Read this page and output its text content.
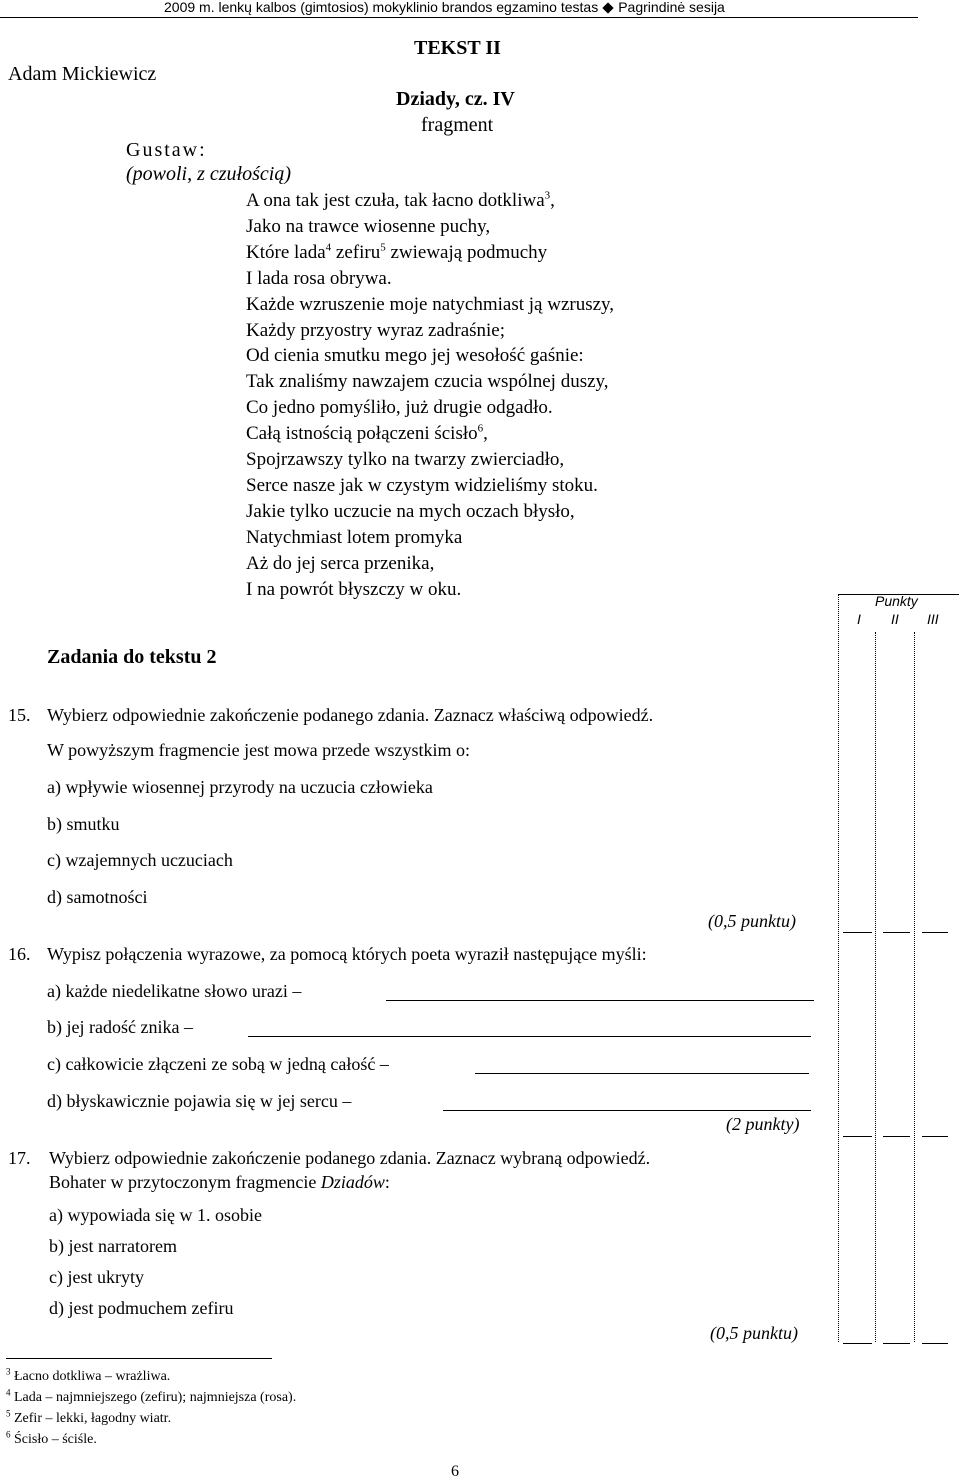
2009 m. lenkų kalbos (gimtosios) mokyklinio brandos egzamino testas Pagrindinė sesija
TEKST II
Adam Mickiewicz
Dziady, cz. IV
fragment
Gustaw:
(powoli, z czułością)
A ona tak jest czuła, tak łacno dotkliwa$^3$,
Jako na trawce wiosenne puchy,
Które lada$^4$ zefiru$^5$ zwiewają podmuchy
I lada rosa obrywa.
Każde wzruszenie moje natychmiast ją wzruszy,
Każdy przyostry wyraz zadraśnie;
Od cienia smutku mego jej wesołość gaśnie:
Tak znaliśmy nawzajem czucia wspólnej duszy,
Co jedno pomyśliło, już drugie odgadło.
Całą istnością połączeni ścisło$^6$,
Spojrzawszy tylko na twarzy zwierciadło,
Serce nasze jak w czystym widzieliśmy stoku.
Jakie tylko uczucie na mych oczach błysło,
Natychmiast lotem promyka
Aż do jej serca przenika,
I na powrót błyszczy w oku.
Zadania do tekstu 2
Punkty
I II III
15. Wybierz odpowiednie zakończenie podanego zdania. Zaznacz właściwą odpowiedź.
W powyższym fragmencie jest mowa przede wszystkim o:
a) wpływie wiosennej przyrody na uczucia człowieka
b) smutku
c) wzajemnych uczuciach
d) samotności
(0,5 punktu)
16. Wypisz połączenia wyrazowe, za pomocą których poeta wyraził następujące myśli:
a) każde niedelikatne słowo urazi –
b) jej radość znika –
c) całkowicie złączeni ze sobą w jedną całość –
d) błyskawicznie pojawia się w jej sercu –
(2 punkty)
17. Wybierz odpowiednie zakończenie podanego zdania. Zaznacz wybraną odpowiedź.
Bohater w przytoczonym fragmencie Dziadów:
a) wypowiada się w 1. osobie
b) jest narratorem
c) jest ukryty
d) jest podmuchem zefiru
(0,5 punktu)
$^3$ Łacno dotkliwa – wrażliwa.
$^4$ Lada – najmniejszego (zefiru); najmniejsza (rosa).
$^5$ Zefir – lekki, łagodny wiatr.
$^6$ Ścisło – ściśle.
6
